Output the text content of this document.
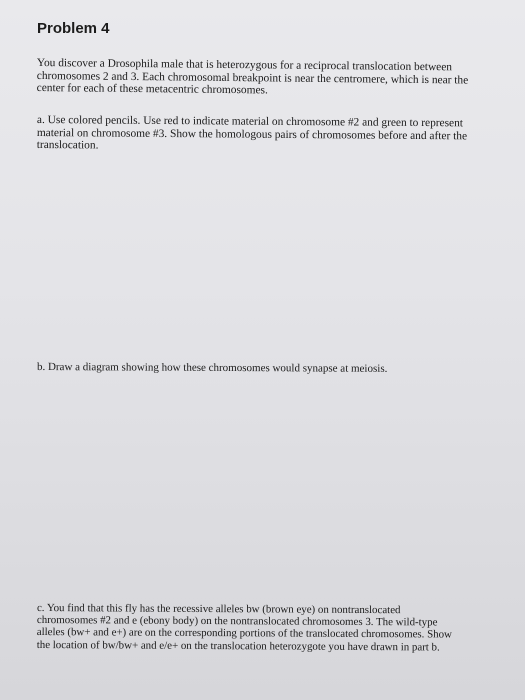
Problem 4
You discover a Drosophila male that is heterozygous for a reciprocal translocation between
chromosomes 2 and 3. Each chromosomal breakpoint is near the centromere, which is near the
center for each of these metacentric chromosomes.
a. Use colored pencils. Use red to indicate material on chromosome #2 and green to represent
material on chromosome #3. Show the homologous pairs of chromosomes before and after the
translocation.
b. Draw a diagram showing how these chromosomes would synapse at meiosis.
c. You find that this fly has the recessive alleles bw (brown eye) on nontranslocated
chromosomes #2 and e (ebony body) on the nontranslocated chromosomes 3. The wild-type
alleles (bw+ and e+) are on the corresponding portions of the translocated chromosomes. Show
the location of bw/bw+ and e/e+ on the translocation heterozygote you have drawn in part b.
